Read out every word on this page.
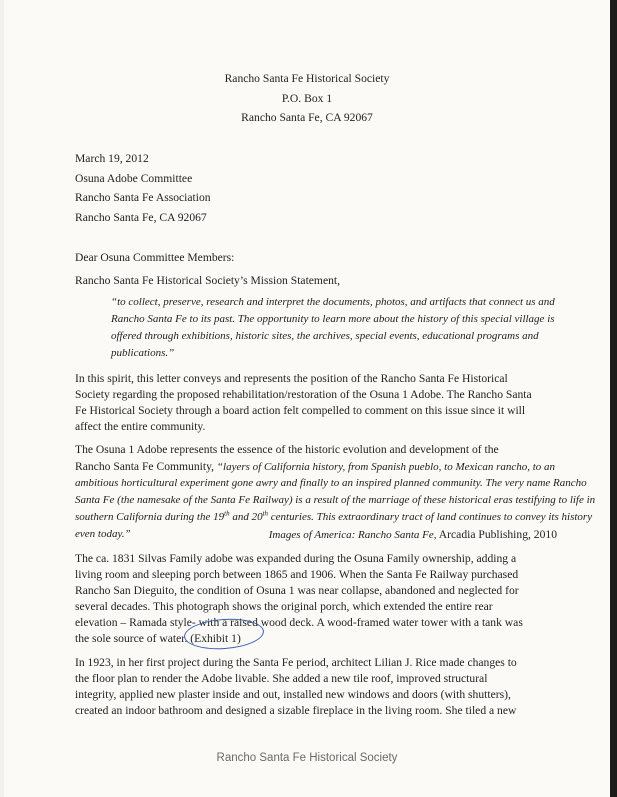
Rancho Santa Fe Historical Society
P.O. Box 1
Rancho Santa Fe, CA 92067
March 19, 2012
Osuna Adobe Committee
Rancho Santa Fe Association
Rancho Santa Fe, CA 92067
Dear Osuna Committee Members:
Rancho Santa Fe Historical Society’s Mission Statement,
“to collect, preserve, research and interpret the documents, photos, and artifacts that connect us and
Rancho Santa Fe to its past. The opportunity to learn more about the history of this special village is
offered through exhibitions, historic sites, the archives, special events, educational programs and
publications.”
In this spirit, this letter conveys and represents the position of the Rancho Santa Fe Historical
Society regarding the proposed rehabilitation/restoration of the Osuna 1 Adobe. The Rancho Santa
Fe Historical Society through a board action felt compelled to comment on this issue since it will
affect the entire community.
The Osuna 1 Adobe represents the essence of the historic evolution and development of the
Rancho Santa Fe Community, “layers of California history, from Spanish pueblo, to Mexican rancho, to an
ambitious horticultural experiment gone awry and finally to an inspired planned community. The very name Rancho
Santa Fe (the namesake of the Santa Fe Railway) is a result of the marriage of these historical eras testifying to life in
southern California during the 19th and 20th centuries. This extraordinary tract of land continues to convey its history
even today.”	Images of America: Rancho Santa Fe, Arcadia Publishing, 2010
The ca. 1831 Silvas Family adobe was expanded during the Osuna Family ownership, adding a
living room and sleeping porch between 1865 and 1906. When the Santa Fe Railway purchased
Rancho San Dieguito, the condition of Osuna 1 was near collapse, abandoned and neglected for
several decades. This photograph shows the original porch, which extended the entire rear
elevation – Ramada style- with a raised wood deck. A wood-framed water tower with a tank was
the sole source of water. (Exhibit 1)
In 1923, in her first project during the Santa Fe period, architect Lilian J. Rice made changes to
the floor plan to render the Adobe livable. She added a new tile roof, improved structural
integrity, applied new plaster inside and out, installed new windows and doors (with shutters),
created an indoor bathroom and designed a sizable fireplace in the living room. She tiled a new
Rancho Santa Fe Historical Society
